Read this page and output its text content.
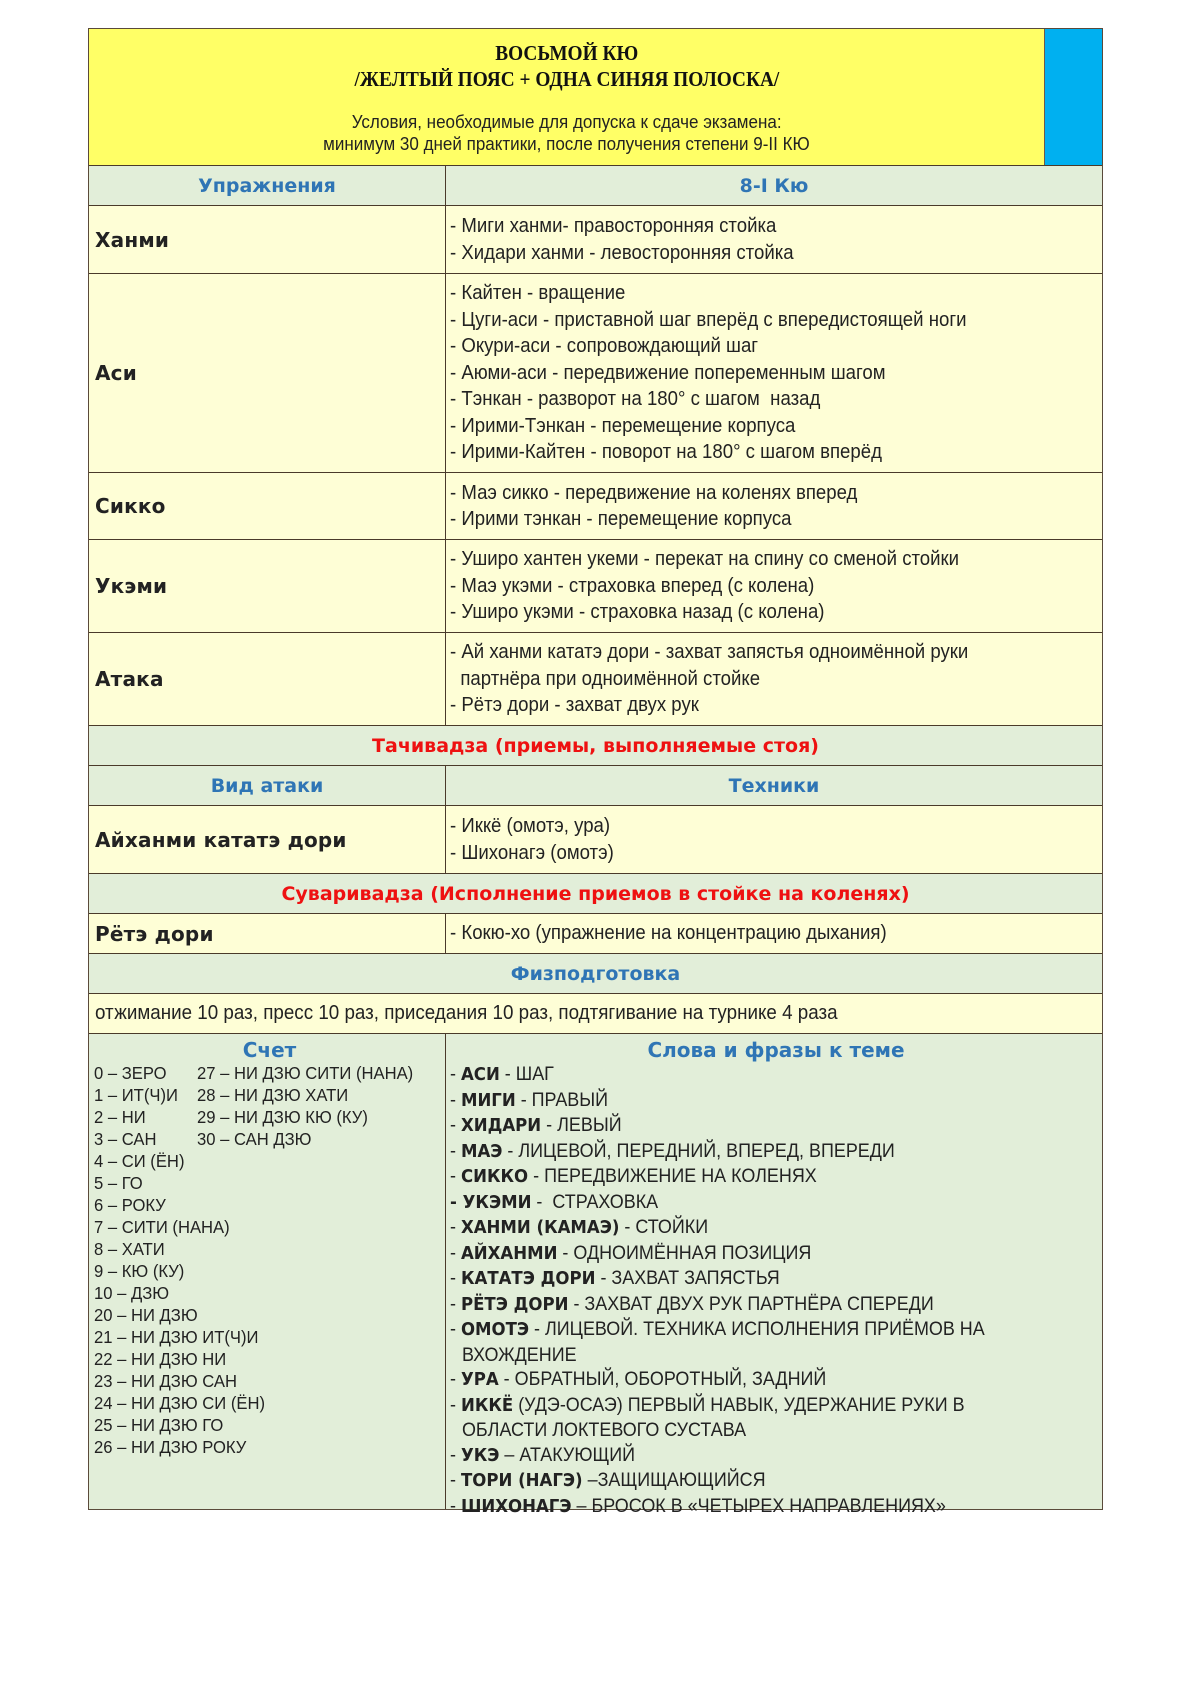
ВОСЬМОЙ КЮ
/ЖЕЛТЫЙ ПОЯС + ОДНА СИНЯЯ ПОЛОСКА/
Условия, необходимые для допуска к сдаче экзамена:
минимум 30 дней практики, после получения степени 9-II КЮ
Упражнения	8-I Кю
Ханми
- Миги ханми- правосторонняя стойка
- Хидари ханми - левосторонняя стойка
Аси
- Кайтен - вращение
- Цуги-аси - приставной шаг вперёд с впередистоящей ноги
- Окури-аси - сопровождающий шаг
- Аюми-аси - передвижение попеременным шагом
- Тэнкан - разворот на 180° с шагом  назад
- Ирими-Тэнкан - перемещение корпуса
- Ирими-Кайтен - поворот на 180° с шагом вперёд
Сикко
- Маэ сикко - передвижение на коленях вперед
- Ирими тэнкан - перемещение корпуса
Укэми
- Уширо хантен укеми - перекат на спину со сменой стойки
- Маэ укэми - страховка вперед (с колена)
- Уширо укэми - страховка назад (с колена)
Атака
- Ай ханми кататэ дори - захват запястья одноимённой руки
партнёра при одноимённой стойке
- Рётэ дори - захват двух рук
Тачивадза (приемы, выполняемые стоя)
Вид атаки	Техники
Айханми кататэ дори
- Иккё (омотэ, ура)
- Шихонагэ (омотэ)
Суваривадза (Исполнение приемов в стойке на коленях)
Рётэ дори	- Кокю-хо (упражнение на концентрацию дыхания)
Физподготовка
отжимание 10 раз, пресс 10 раз, приседания 10 раз, подтягивание на турнике 4 раза
Счет
0 – ЗЕРО	27 – НИ ДЗЮ СИТИ (НАНА)
1 – ИТ(Ч)И	28 – НИ ДЗЮ ХАТИ
2 – НИ	29 – НИ ДЗЮ КЮ (КУ)
3 – САН	30 – САН ДЗЮ
4 – СИ (ЁН)
5 – ГО
6 – РОКУ
7 – СИТИ (НАНА)
8 – ХАТИ
9 – КЮ (КУ)
10 – ДЗЮ
20 – НИ ДЗЮ
21 – НИ ДЗЮ ИТ(Ч)И
22 – НИ ДЗЮ НИ
23 – НИ ДЗЮ САН
24 – НИ ДЗЮ СИ (ЁН)
25 – НИ ДЗЮ ГО
26 – НИ ДЗЮ РОКУ
Слова и фразы к теме
- АСИ - ШАГ
- МИГИ - ПРАВЫЙ
- ХИДАРИ - ЛЕВЫЙ
- МАЭ - ЛИЦЕВОЙ, ПЕРЕДНИЙ, ВПЕРЕД, ВПЕРЕДИ
- СИККО - ПЕРЕДВИЖЕНИЕ НА КОЛЕНЯХ
- УКЭМИ -  СТРАХОВКА
- ХАНМИ (КАМАЭ) - СТОЙКИ
- АЙХАНМИ - ОДНОИМЁННАЯ ПОЗИЦИЯ
- КАТАТЭ ДОРИ - ЗАХВАТ ЗАПЯСТЬЯ
- РЁТЭ ДОРИ - ЗАХВАТ ДВУХ РУК ПАРТНЁРА СПЕРЕДИ
- ОМОТЭ - ЛИЦЕВОЙ. ТЕХНИКА ИСПОЛНЕНИЯ ПРИЁМОВ НА
ВХОЖДЕНИЕ
- УРА - ОБРАТНЫЙ, ОБОРОТНЫЙ, ЗАДНИЙ
- ИККЁ (УДЭ-ОСАЭ) ПЕРВЫЙ НАВЫК, УДЕРЖАНИЕ РУКИ В
ОБЛАСТИ ЛОКТЕВОГО СУСТАВА
- УКЭ – АТАКУЮЩИЙ
- ТОРИ (НАГЭ) –ЗАЩИЩАЮЩИЙСЯ
- ШИХОНАГЭ – БРОСОК В «ЧЕТЫРЕХ НАПРАВЛЕНИЯХ»
